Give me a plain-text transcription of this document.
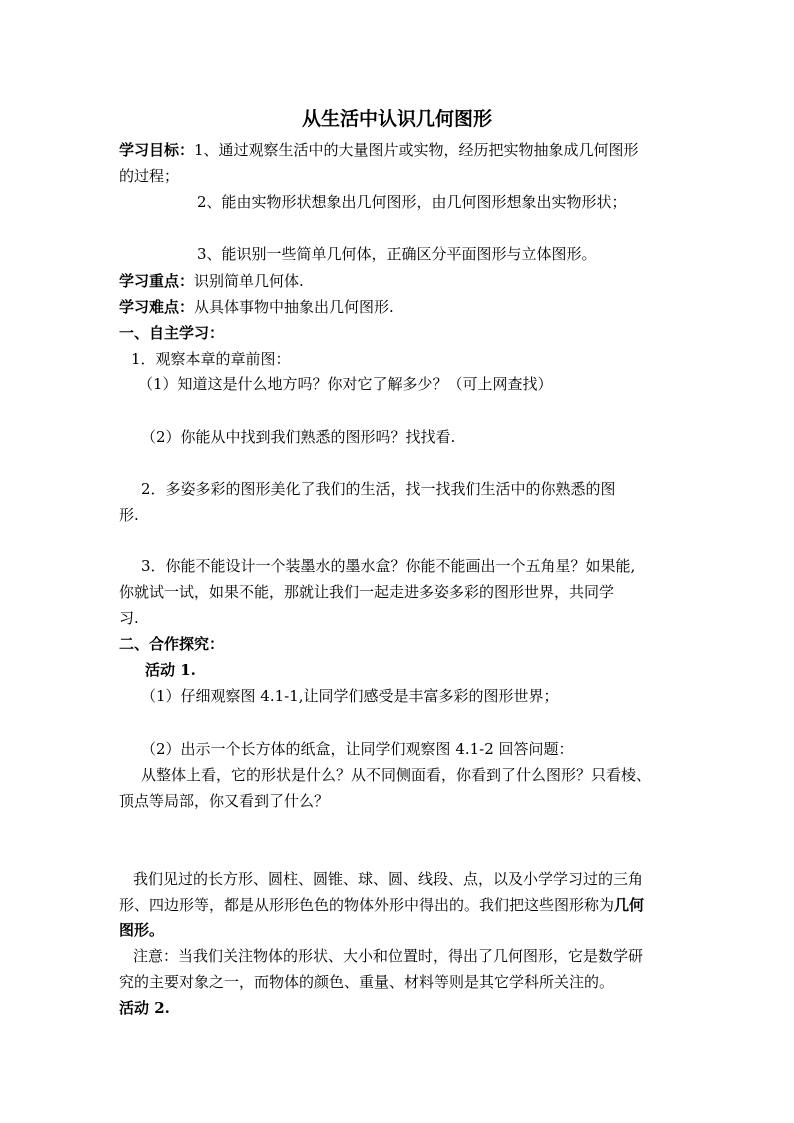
从生活中认识几何图形
学习目标：1、通过观察生活中的大量图片或实物，经历把实物抽象成几何图形
的过程；
2、能由实物形状想象出几何图形，由几何图形想象出实物形状；
3、能识别一些简单几何体，正确区分平面图形与立体图形。
学习重点：识别简单几何体.
学习难点：从具体事物中抽象出几何图形.
一、自主学习：
1．观察本章的章前图：
（1）知道这是什么地方吗？你对它了解多少？（可上网查找）
（2）你能从中找到我们熟悉的图形吗？找找看.
2．多姿多彩的图形美化了我们的生活，找一找我们生活中的你熟悉的图
形.
3．你能不能设计一个装墨水的墨水盒？你能不能画出一个五角星？如果能,
你就试一试，如果不能，那就让我们一起走进多姿多彩的图形世界，共同学
习.
二、合作探究：
活动 1.
（1）仔细观察图 4.1-1,让同学们感受是丰富多彩的图形世界；
（2）出示一个长方体的纸盒，让同学们观察图 4.1-2 回答问题：
从整体上看，它的形状是什么？从不同侧面看，你看到了什么图形？只看棱、
顶点等局部，你又看到了什么？
我们见过的长方形、圆柱、圆锥、球、圆、线段、点，以及小学学习过的三角
形、四边形等，都是从形形色色的物体外形中得出的。我们把这些图形称为几何
图形。
注意：当我们关注物体的形状、大小和位置时，得出了几何图形，它是数学研
究的主要对象之一，而物体的颜色、重量、材料等则是其它学科所关注的。
活动 2.
